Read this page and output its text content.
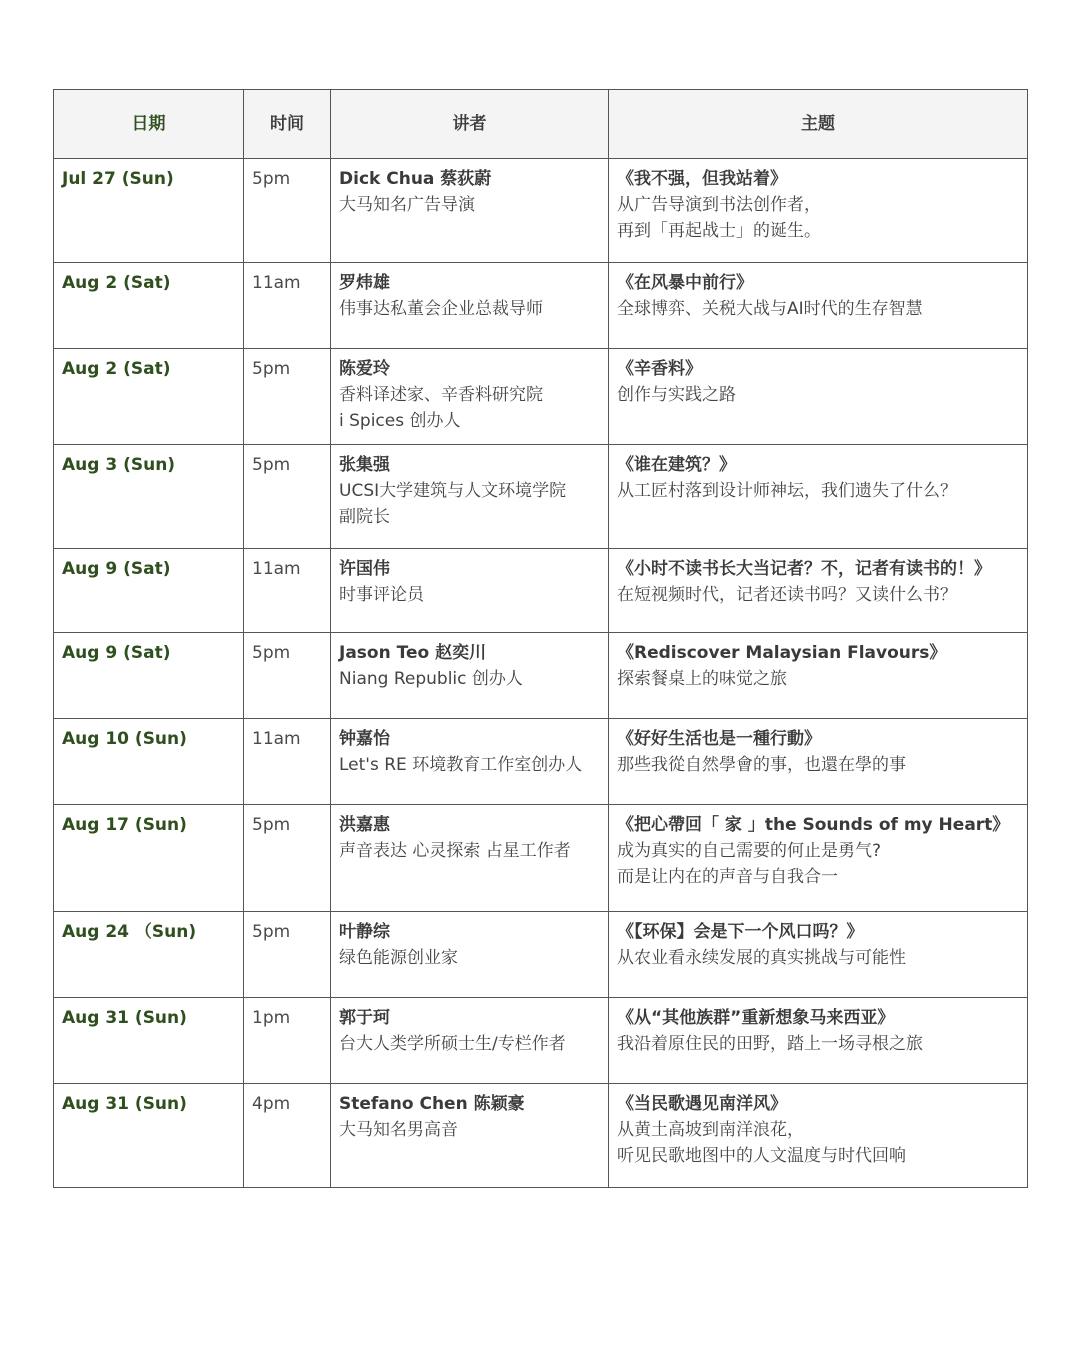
日期	时间	讲者	主题
Jul 27 (Sun)	5pm	Dick Chua 蔡荻蔚
大马知名广告导演	《我不强，但我站着》
从广告导演到书法创作者，
再到「再起战士」的诞生。

Aug 2 (Sat)	11am	罗炜雄
伟事达私董会企业总裁导师	《在风暴中前行》
全球博弈、关税大战与AI时代的生存智慧

Aug 2 (Sat)	5pm	陈爱玲
香料译述家、辛香料研究院
i Spices 创办人	《辛香料》
创作与实践之路

Aug 3 (Sun)	5pm	张集强
UCSI大学建筑与人文环境学院
副院长	《谁在建筑？》
从工匠村落到设计师神坛，我们遗失了什么？

Aug 9 (Sat)	11am	许国伟
时事评论员	《小时不读书长大当记者？不，记者有读书的！》
在短视频时代，记者还读书吗？又读什么书？

Aug 9 (Sat)	5pm	Jason Teo 赵奕川
Niang Republic 创办人	《Rediscover Malaysian Flavours》
探索餐桌上的味觉之旅

Aug 10 (Sun)	11am	钟嘉怡
Let's RE 环境教育工作室创办人	《好好生活也是一種行動》
那些我從自然學會的事，也還在學的事

Aug 17 (Sun)	5pm	洪嘉惠
声音表达 心灵探索 占星工作者	《把心帶回「 家 」the Sounds of my Heart》
成为真实的自己需要的何止是勇气?
而是让内在的声音与自我合一

Aug 24 （Sun)	5pm	叶静综
绿色能源创业家	《【环保】会是下一个风口吗？》
从农业看永续发展的真实挑战与可能性

Aug 31 (Sun)	1pm	郭于珂
台大人类学所硕士生/专栏作者	《从“其他族群”重新想象马来西亚》
我沿着原住民的田野，踏上一场寻根之旅

Aug 31 (Sun)	4pm	Stefano Chen 陈颖豪
大马知名男高音	《当民歌遇见南洋风》
从黄土高坡到南洋浪花，
听见民歌地图中的人文温度与时代回响
